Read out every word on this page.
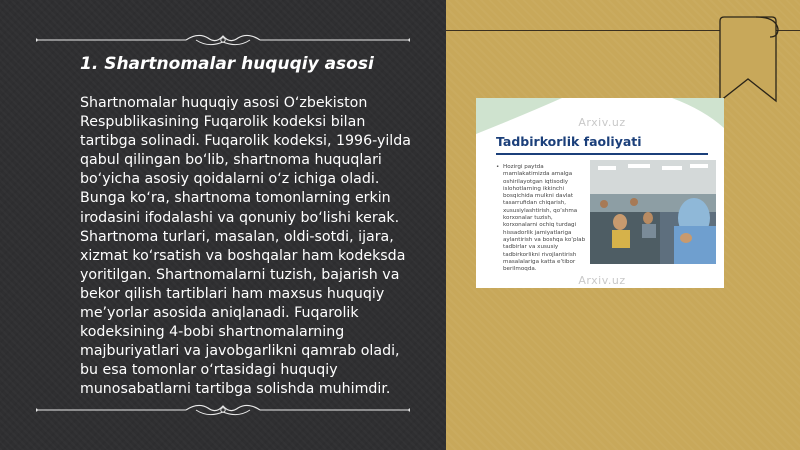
1. Shartnomalar huquqiy asosi
Shartnomalar huquqiy asosi O‘zbekiston Respublikasining Fuqarolik kodeksi bilan tartibga solinadi. Fuqarolik kodeksi, 1996-yilda qabul qilingan bo‘lib, shartnoma huquqlari bo‘yicha asosiy qoidalarni o‘z ichiga oladi. Bunga ko‘ra, shartnoma tomonlarning erkin irodasini ifodalashi va qonuniy bo‘lishi kerak. Shartnoma turlari, masalan, oldi-sotdi, ijara, xizmat ko‘rsatish va boshqalar ham kodeksda yoritilgan. Shartnomalarni tuzish, bajarish va bekor qilish tartiblari ham maxsus huquqiy me’yorlar asosida aniqlanadi. Fuqarolik kodeksining 4-bobi shartnomalarning majburiyatlari va javobgarlikni qamrab oladi, bu esa tomonlar o‘rtasidagi huquqiy munosabatlarni tartibga solishda muhimdir.
Arxiv.uz
Tadbirkorlik faoliyati
• Hozirgi paytda mamlakatimizda amalga oshirilayotgan iqtisodiy islohotlarning ikkinchi bosqichida mulkni davlat tasarrufidan chiqarish, xususiylashtirish, qo‘shma korxonalar tuzish, korxonalarni ochiq turdagi hissadorlik jamiyatlariga aylantirish va boshqa ko‘plab tadbirlar va xususiy tadbirkorlikni rivojlantirish masalalariga katta e’tibor berilmoqda.
Arxiv.uz
